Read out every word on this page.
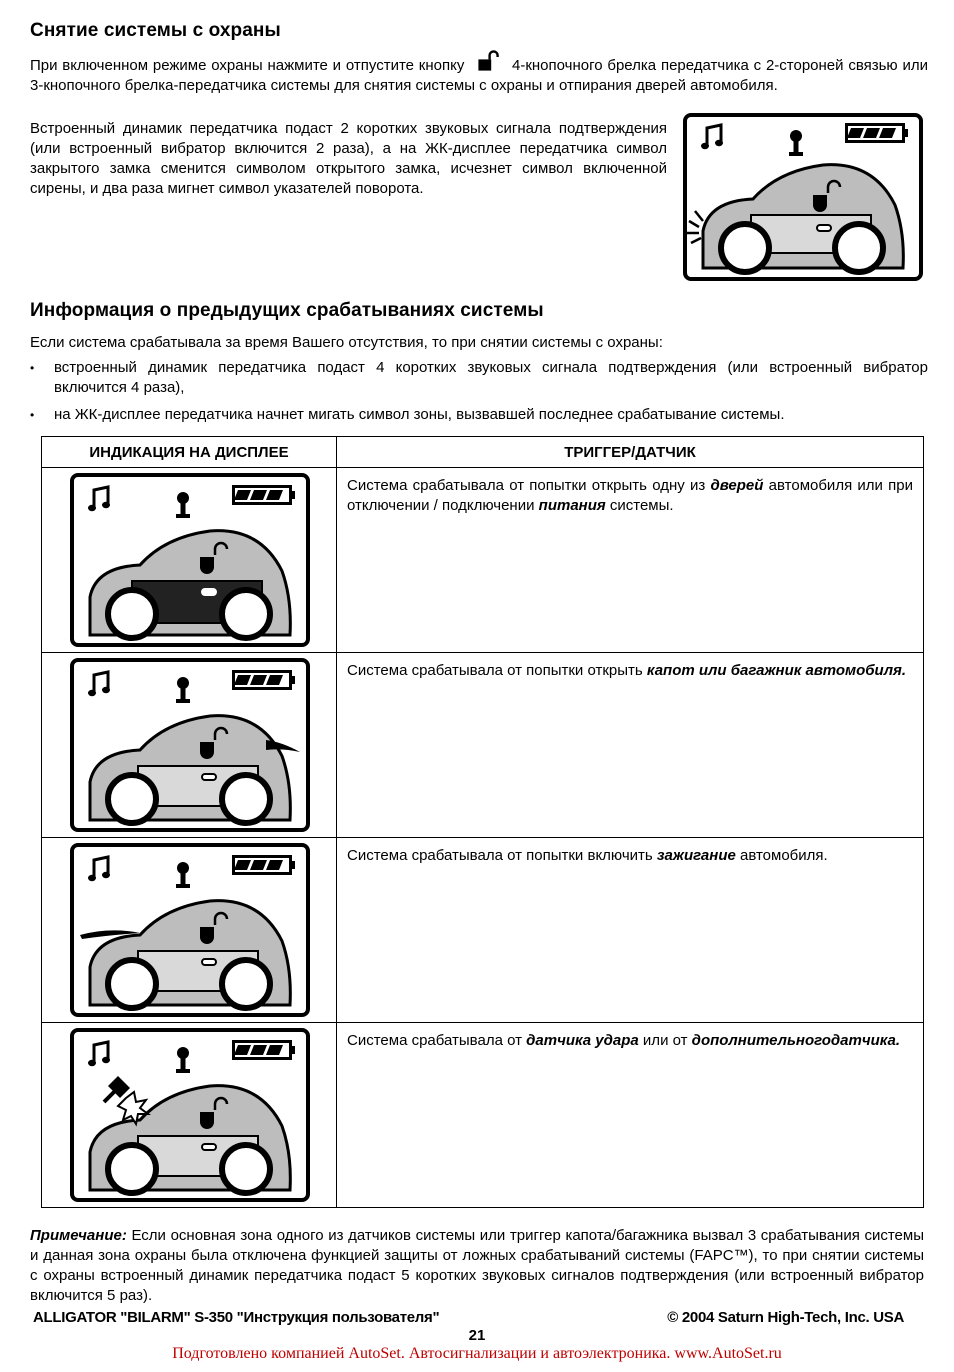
Снятие системы с охраны

При включенном режиме охраны нажмите и отпустите кнопку	4-кнопочного брелка передатчика с 2-стороней связью или 3-кнопочного брелка-передатчика системы для снятия системы с охраны и отпирания дверей автомобиля.

Встроенный динамик передатчика подаст 2 коротких звуковых сигнала подтверждения (или встроенный вибратор включится 2 раза), а на ЖК-дисплее передатчика символ закрытого замка сменится символом открытого замка, исчезнет символ включенной сирены, и два раза мигнет символ указателей поворота.

Информация о предыдущих срабатываниях системы

Если система срабатывала за время Вашего отсутствия, то при снятии системы с охраны:

• встроенный динамик передатчика подаст 4 коротких звуковых сигнала подтверждения (или встроенный вибратор включится 4 раза),
• на ЖК-дисплее передатчика начнет мигать символ зоны, вызвавшей последнее срабатывание системы.
ИНДИКАЦИЯ НА ДИСПЛЕЕ	ТРИГГЕР/ДАТЧИК

	Система срабатывала от попытки открыть одну из дверей автомобиля или при отключении / подключении питания системы.

	Система срабатывала от попытки открыть капот или багажник автомобиля.

	Система срабатывала от попытки включить зажигание автомобиля.

	Система срабатывала от датчика удара или от дополнительногодатчика.

Примечание: Если основная зона одного из датчиков системы или триггер капота/багажника вызвал 3 срабатывания системы и данная зона охраны была отключена функцией защиты от ложных срабатываний системы (FAPC™), то при снятии системы с охраны встроенный динамик передатчика подаст 5 коротких звуковых сигналов подтверждения (или встроенный вибратор включится 5 раз).

ALLIGATOR "BILARM" S-350 "Инструкция пользователя"	© 2004 Saturn High-Tech, Inc. USA
21
Подготовлено компанией AutoSet. Автосигнализации и автоэлектроника. www.AutoSet.ru
